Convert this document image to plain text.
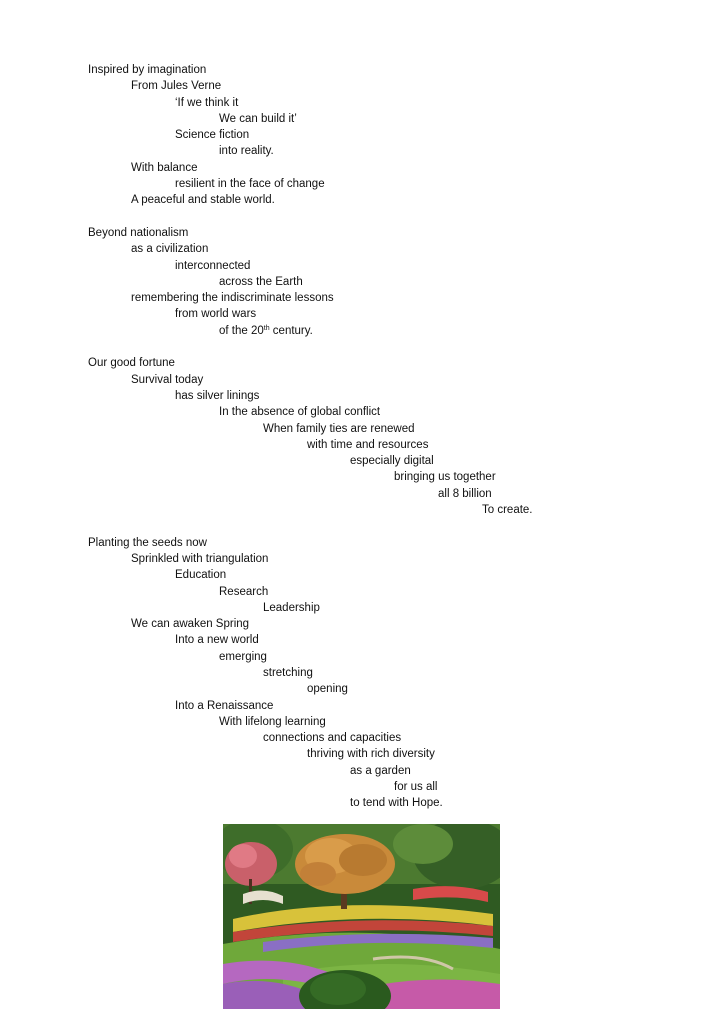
Inspired by imagination
From Jules Verne
‘If we think it
We can build it’
Science fiction
into reality.
With balance
resilient in the face of change
A peaceful and stable world.
Beyond nationalism
as a civilization
interconnected
across the Earth
remembering the indiscriminate lessons
from world wars
of the 20th century.
Our good fortune
Survival today
has silver linings
In the absence of global conflict
When family ties are renewed
with time and resources
especially digital
bringing us together
all 8 billion
To create.
Planting the seeds now
Sprinkled with triangulation
Education
Research
Leadership
We can awaken Spring
Into a new world
emerging
stretching
opening
Into a Renaissance
With lifelong learning
connections and capacities
thriving with rich diversity
as a garden
for us all
to tend with Hope.
